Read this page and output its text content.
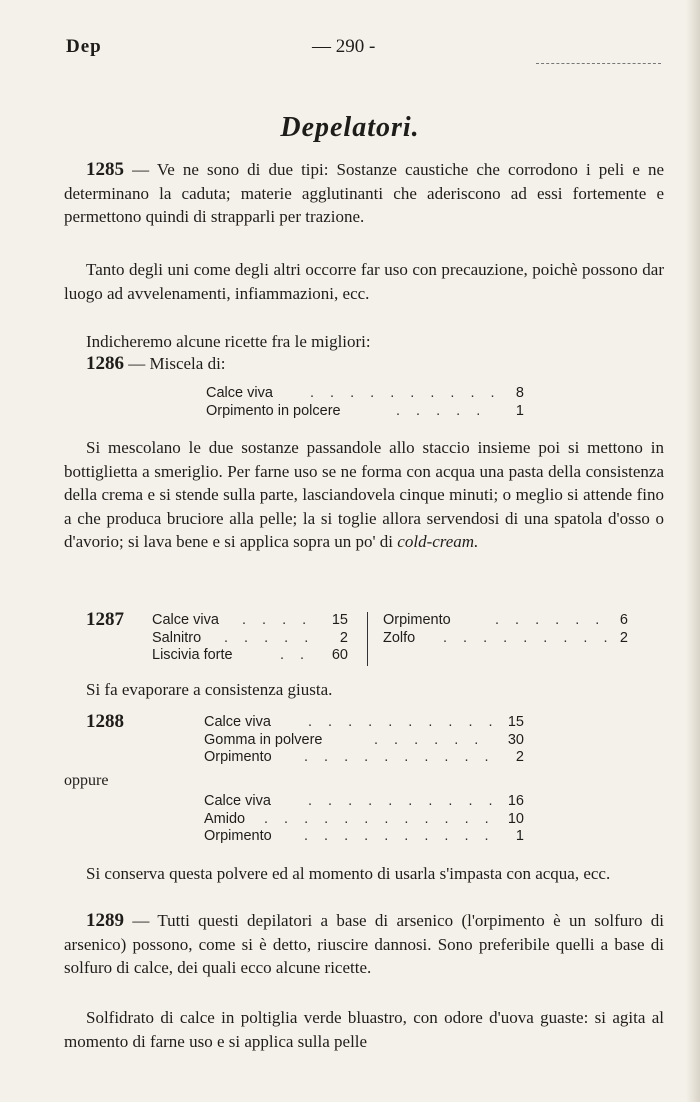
Dep	— 290 -
Depelatori.

1285 — Ve ne sono di due tipi: Sostanze caustiche che corrodono i peli e ne determinano la caduta; materie agglutinanti che aderiscono ad essi fortemente e permettono quindi di strapparli per trazione.

Tanto degli uni come degli altri occorre far uso con precauzione, poichè possono dar luogo ad avvelenamenti, infiammazioni, ecc.

Indicheremo alcune ricette fra le migliori:

1286 — Miscela di:

Calce viva	. . . . . . . . . . 8
Orpimento in polcere	. . . . . 1

Si mescolano le due sostanze passandole allo staccio insieme poi si mettono in bottiglietta a smeriglio. Per farne uso se ne forma con acqua una pasta della consistenza della crema e si stende sulla parte, lasciandovela cinque minuti; o meglio si attende fino a che produca bruciore alla pelle; la si toglie allora servendosi di una spatola d'osso o d'avorio; si lava bene e si applica sopra un po' di cold-cream.

1287 Calce viva . . . . 15
Salnitro . . . . . 2
Liscivia forte	. . 60
Orpimento	. . . . . . 6
Zolfo . . . . . . . . . 2

Si fa evaporare a consistenza giusta.

1288	Calce viva	. . . . . . . . . . 15
Gomma in polvere	. . . . . . 30
Orpimento . . . . . . . . . . 2
oppure
Calce viva	. . . . . . . . . . 16
Amido . . . . . . . . . . . . 10
Orpimento . . . . . . . . . . 1

Si conserva questa polvere ed al momento di usarla s'impasta con acqua, ecc.

1289 — Tutti questi depilatori a base di arsenico (l'orpimento è un solfuro di arsenico) possono, come si è detto, riuscire dannosi. Sono preferibile quelli a base di solfuro di calce, dei quali ecco alcune ricette.

Solfidrato di calce in poltiglia verde bluastro, con odore d'uova guaste: si agita al momento di farne uso e si applica sulla pelle
